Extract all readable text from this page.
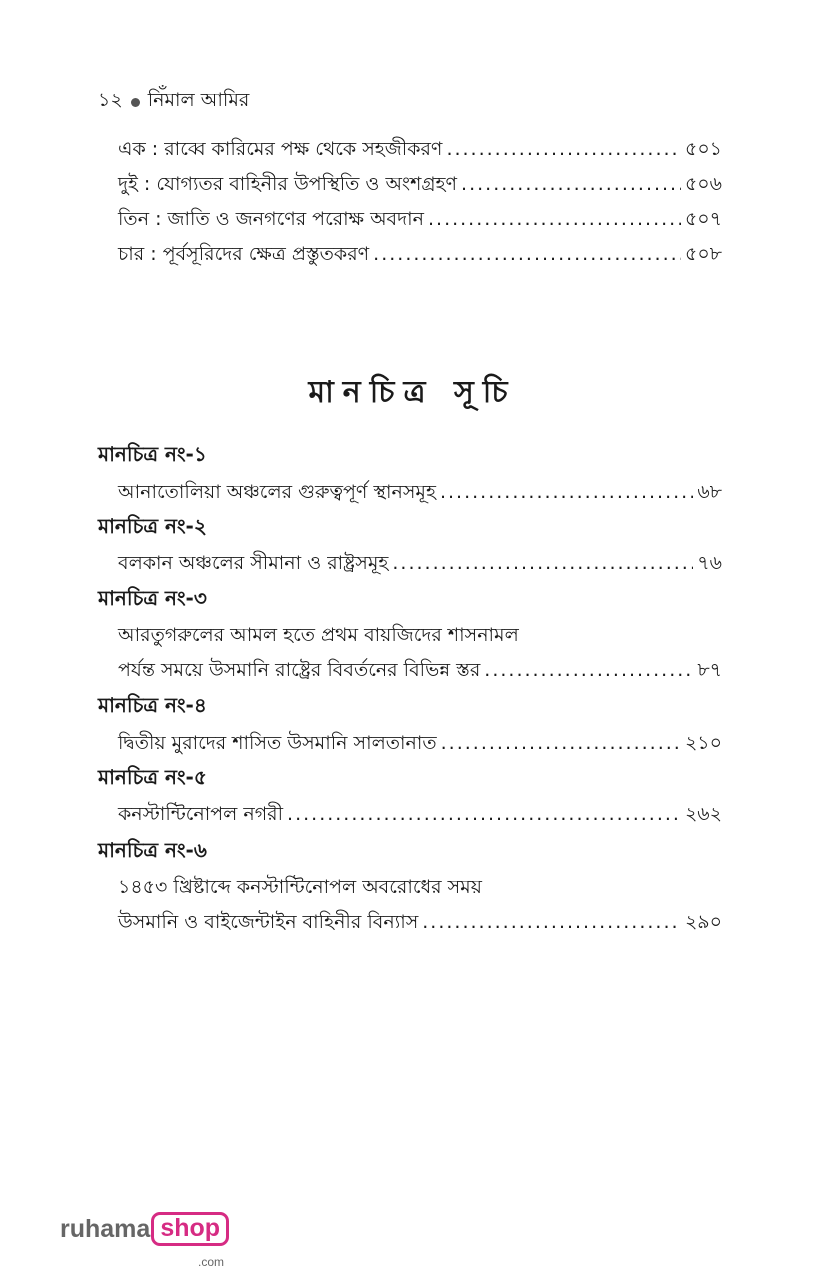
১২ নিঁমাল আমির
এক : রাব্বে কারিমের পক্ষ থেকে সহজীকরণ .....	৫০১
দুই : যোগ্যতর বাহিনীর উপস্থিতি ও অংশগ্রহণ .....	৫০৬
তিন : জাতি ও জনগণের পরোক্ষ অবদান .....	৫০৭
চার : পূর্বসূরিদের ক্ষেত্র প্রস্তুতকরণ .....	৫০৮
মানচিত্র সূচি
মানচিত্র নং-১
আনাতোলিয়া অঞ্চলের গুরুত্বপূর্ণ স্থানসমূহ .....	৬৮
মানচিত্র নং-২
বলকান অঞ্চলের সীমানা ও রাষ্ট্রসমূহ .....	৭৬
মানচিত্র নং-৩
আরতুগরুলের আমল হতে প্রথম বায়জিদের শাসনামল
পর্যন্ত সময়ে উসমানি রাষ্ট্রের বিবর্তনের বিভিন্ন স্তর .....	৮৭
মানচিত্র নং-৪
দ্বিতীয় মুরাদের শাসিত উসমানি সালতানাত .....	২১০
মানচিত্র নং-৫
কনস্টান্টিনোপল নগরী .....	২৬২
মানচিত্র নং-৬
১৪৫৩ খ্রিষ্টাব্দে কনস্টান্টিনোপল অবরোধের সময়
উসমানি ও বাইজেন্টাইন বাহিনীর বিন্যাস .....	২৯০
ruhama shop
.com
